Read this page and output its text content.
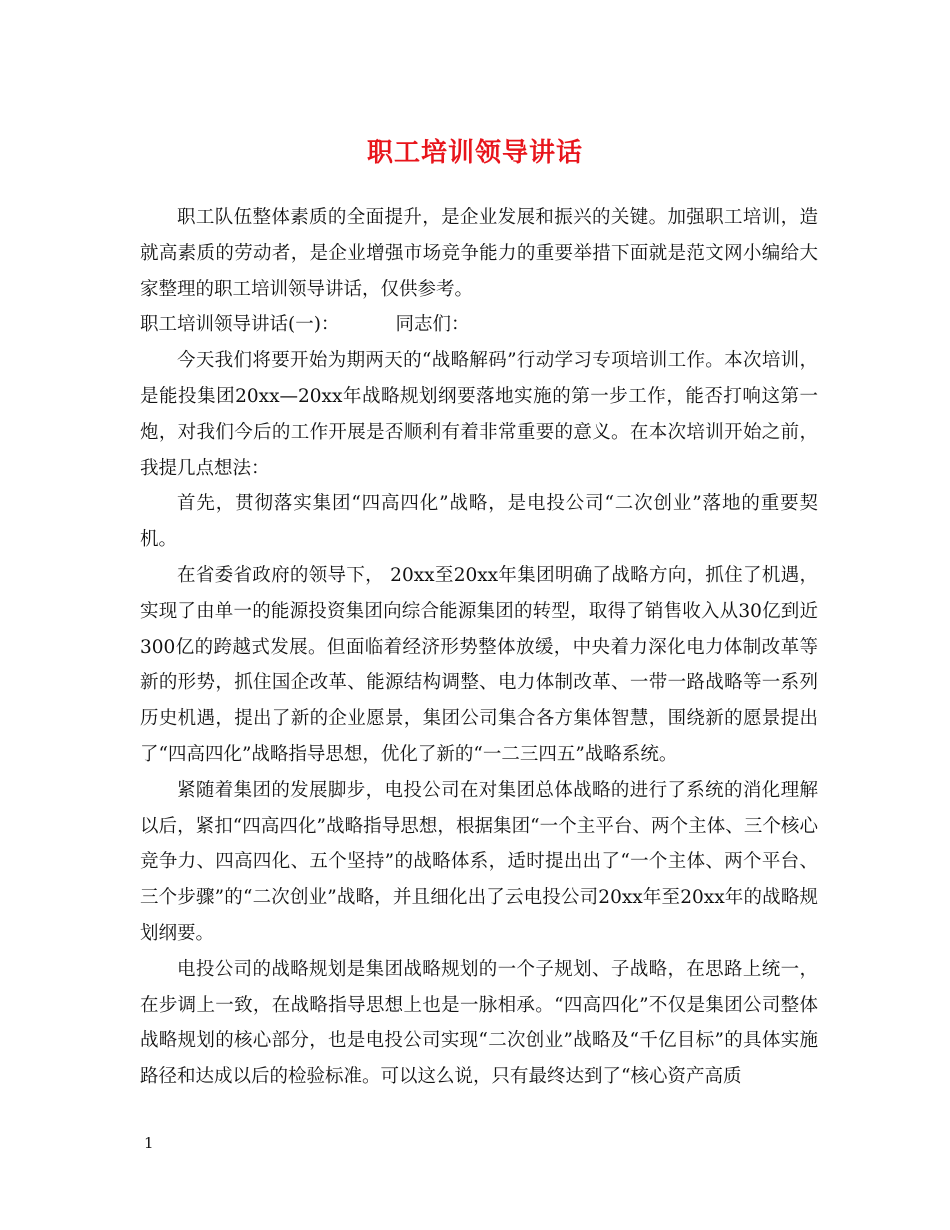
职工培训领导讲话

职工队伍整体素质的全面提升，是企业发展和振兴的关键。加强职工培训，造就高素质的劳动者，是企业增强市场竞争能力的重要举措下面就是范文网小编给大家整理的职工培训领导讲话，仅供参考。

职工培训领导讲话(一)：	同志们：

今天我们将要开始为期两天的“战略解码”行动学习专项培训工作。本次培训，是能投集团20xx—20xx年战略规划纲要落地实施的第一步工作，能否打响这第一炮，对我们今后的工作开展是否顺利有着非常重要的意义。在本次培训开始之前，我提几点想法：

首先，贯彻落实集团“四高四化”战略，是电投公司“二次创业”落地的重要契机。

在省委省政府的领导下， 20xx至20xx年集团明确了战略方向，抓住了机遇，实现了由单一的能源投资集团向综合能源集团的转型，取得了销售收入从30亿到近300亿的跨越式发展。但面临着经济形势整体放缓，中央着力深化电力体制改革等新的形势，抓住国企改革、能源结构调整、电力体制改革、一带一路战略等一系列历史机遇，提出了新的企业愿景，集团公司集合各方集体智慧，围绕新的愿景提出了“四高四化”战略指导思想，优化了新的“一二三四五”战略系统。

紧随着集团的发展脚步，电投公司在对集团总体战略的进行了系统的消化理解以后，紧扣“四高四化”战略指导思想，根据集团“一个主平台、两个主体、三个核心竞争力、四高四化、五个坚持”的战略体系，适时提出出了“一个主体、两个平台、三个步骤”的“二次创业”战略，并且细化出了云电投公司20xx年至20xx年的战略规划纲要。

电投公司的战略规划是集团战略规划的一个子规划、子战略，在思路上统一，在步调上一致，在战略指导思想上也是一脉相承。“四高四化”不仅是集团公司整体战略规划的核心部分，也是电投公司实现“二次创业”战略及“千亿目标”的具体实施路径和达成以后的检验标准。可以这么说，只有最终达到了“核心资产高质

1
